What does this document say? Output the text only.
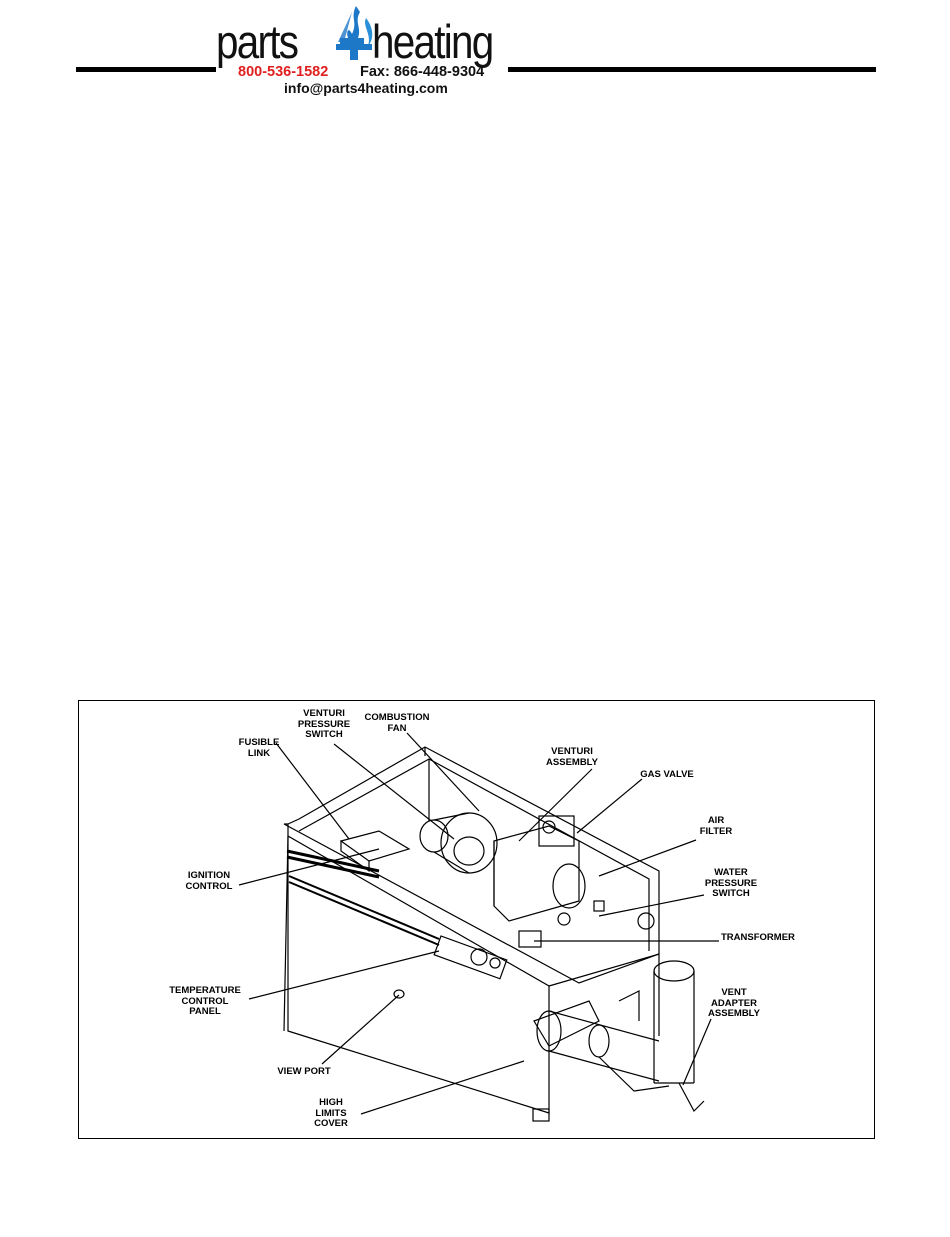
parts heating
800-536-1582 Fax: 866-448-9304
info@parts4heating.com
VENTURI
PRESSURE
SWITCH
COMBUSTION
FAN
FUSIBLE
LINK	VENTURI
ASSEMBLY
GAS VALVE
AIR
FILTER
IGNITION
CONTROL
WATER
PRESSURE
SWITCH
TRANSFORMER
TEMPERATURE
CONTROL
PANEL
VENT
ADAPTER
ASSEMBLY
VIEW PORT
HIGH
LIMITS
COVER
